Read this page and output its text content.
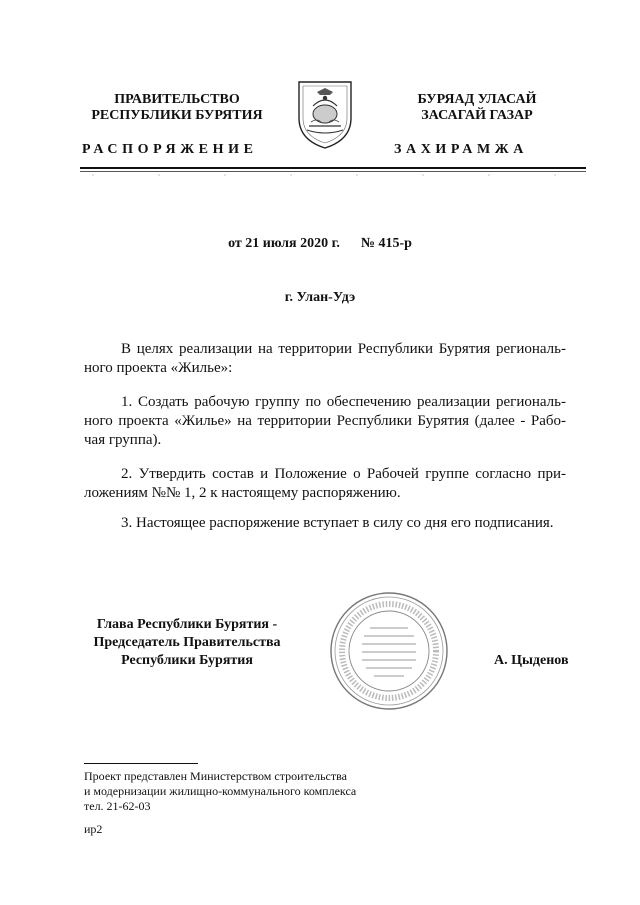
ПРАВИТЕЛЬСТВО
РЕСПУБЛИКИ БУРЯТИЯ
БУРЯАД УЛАСАЙ
ЗАСАГАЙ ГАЗАР
РАСПОРЯЖЕНИЕ	ЗАХИРАМЖА
от 21 июля 2020 г. № 415-р
г. Улан-Удэ

В целях реализации на территории Республики Бурятия региональ-ного проекта «Жилье»:

1. Создать рабочую группу по обеспечению реализации региональ-ного проекта «Жилье» на территории Республики Бурятия (далее - Рабо-чая группа).

2. Утвердить состав и Положение о Рабочей группе согласно при-ложениям №№ 1, 2 к настоящему распоряжению.

3. Настоящее распоряжение вступает в силу со дня его подписания.

Глава Республики Бурятия -
Председатель Правительства
Республики Бурятия	А. Цыденов
Проект представлен Министерством строительства
и модернизации жилищно-коммунального комплекса
тел. 21-62-03
ир2
